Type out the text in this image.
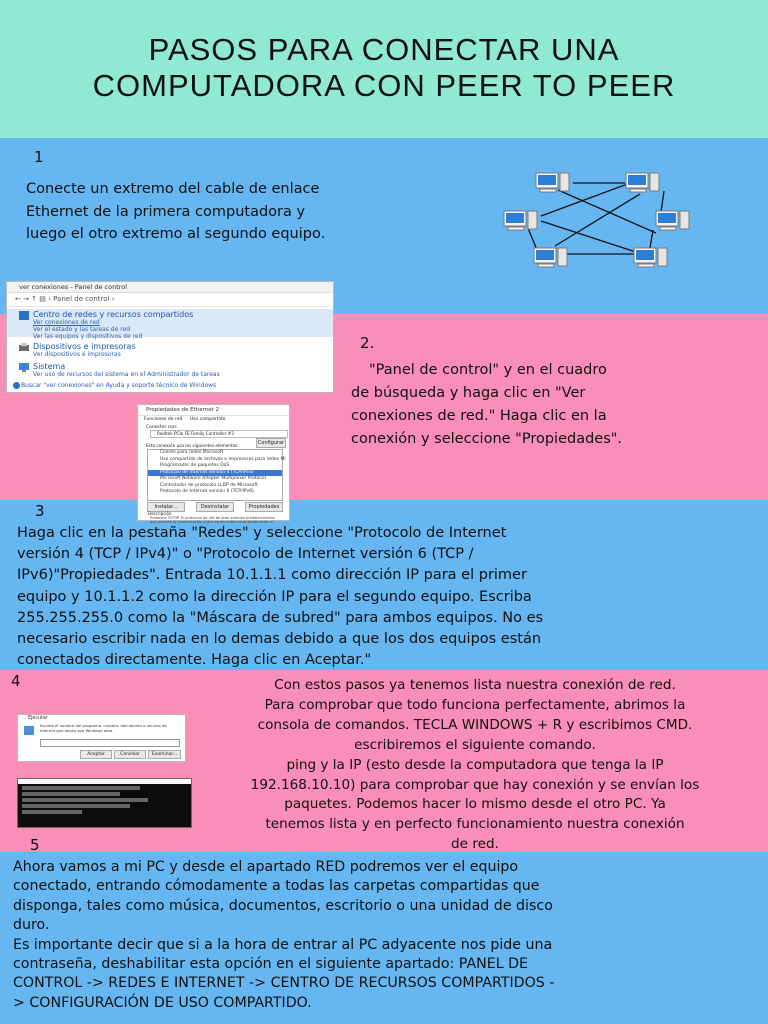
PASOS PARA CONECTAR UNA
COMPUTADORA CON PEER TO PEER
1
Conecte un extremo del cable de enlace
Ethernet de la primera computadora y
luego el otro extremo al segundo equipo.
ver conexiones - Panel de control
← → ↑ ▤ › Panel de control ›
Centro de redes y recursos compartidos
Ver conexiones de red
Ver el estado y las tareas de red
Ver las equipos y dispositivos de red
Dispositivos e impresoras
Ver dispositivos e impresoras
Sistema
Ver uso de recursos del sistema en el Administrador de tareas
Buscar "ver conexiones" en Ayuda y soporte técnico de Windows
2.
"Panel de control" y en el cuadro
de búsqueda y haga clic en "Ver
conexiones de red." Haga clic en la
conexión y seleccione "Propiedades".
Propiedades de Ethernet 2
Funciones de red Uso compartido
Conectar con:
Realtek PCIe FE Family Controller #2
Configurar
Esta conexión usa los siguientes elementos:
Cliente para redes Microsoft
Uso compartido de archivos e impresoras para redes Mi
Programador de paquetes QoS
Protocolo de Internet versión 4 (TCP/IPv4)
Microsoft Network Adapter Multiplexor Protocol
Controlador de protocolo LLDP de Microsoft
Protocolo de Internet versión 6 (TCP/IPv6)
Instalar...	Desinstalar	Propiedades
Descripción
Protocolo TCP/IP. El protocolo de red de área extensa predeterminado que permite la comunicación entre varias redes conectadas entre sí.
3
Haga clic en la pestaña "Redes" y seleccione "Protocolo de Internet
versión 4 (TCP / IPv4)" o "Protocolo de Internet versión 6 (TCP /
IPv6)"Propiedades". Entrada 10.1.1.1 como dirección IP para el primer
equipo y 10.1.1.2 como la dirección IP para el segundo equipo. Escriba
255.255.255.0 como la "Máscara de subred" para ambos equipos. No es
necesario escribir nada en lo demas debido a que los dos equipos están
conectados directamente. Haga clic en Aceptar."
4	Con estos pasos ya tenemos lista nuestra conexión de red.
Para comprobar que todo funciona perfectamente, abrimos la
consola de comandos. TECLA WINDOWS + R y escribimos CMD.
escribiremos el siguiente comando.
ping y la IP (esto desde la computadora que tenga la IP
192.168.10.10) para comprobar que hay conexión y se envían los
paquetes. Podemos hacer lo mismo desde el otro PC. Ya
tenemos lista y en perfecto funcionamiento nuestra conexión
de red.
Ejecutar
Escriba el nombre del programa, carpeta, documento o recurso de Internet que desea que Windows abra.
Aceptar	Cancelar	Examinar...
5
Ahora vamos a mi PC y desde el apartado RED podremos ver el equipo
conectado, entrando cómodamente a todas las carpetas compartidas que
disponga, tales como música, documentos, escritorio o una unidad de disco
duro.
Es importante decir que si a la hora de entrar al PC adyacente nos pide una
contraseña, deshabilitar esta opción en el siguiente apartado: PANEL DE
CONTROL -> REDES E INTERNET -> CENTRO DE RECURSOS COMPARTIDOS -
> CONFIGURACIÓN DE USO COMPARTIDO.
